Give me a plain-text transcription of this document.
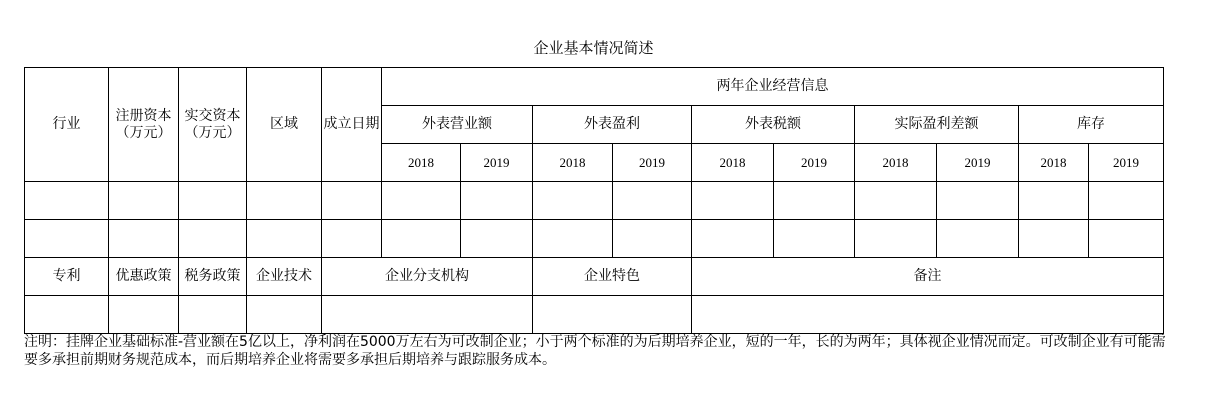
企业基本情况简述
行业	注册资本（万元）	实交资本（万元）	区域	成立日期	两年企业经营信息									
					外表营业额		外表盈利		外表税额		实际盈利差额		库存	
					2018	2019	2018	2019	2018	2019	2018	2019	2018	2019

专利	优惠政策	税务政策	企业技术	企业分支机构			企业特色		备注					

注明：挂牌企业基础标准-营业额在5亿以上，净利润在5000万左右为可改制企业；小于两个标准的为后期培养企业，短的一年，长的为两年；具体视企业情况而定。可改制企业有可能需要多承担前期财务规范成本，而后期培养企业将需要多承担后期培养与跟踪服务成本。
